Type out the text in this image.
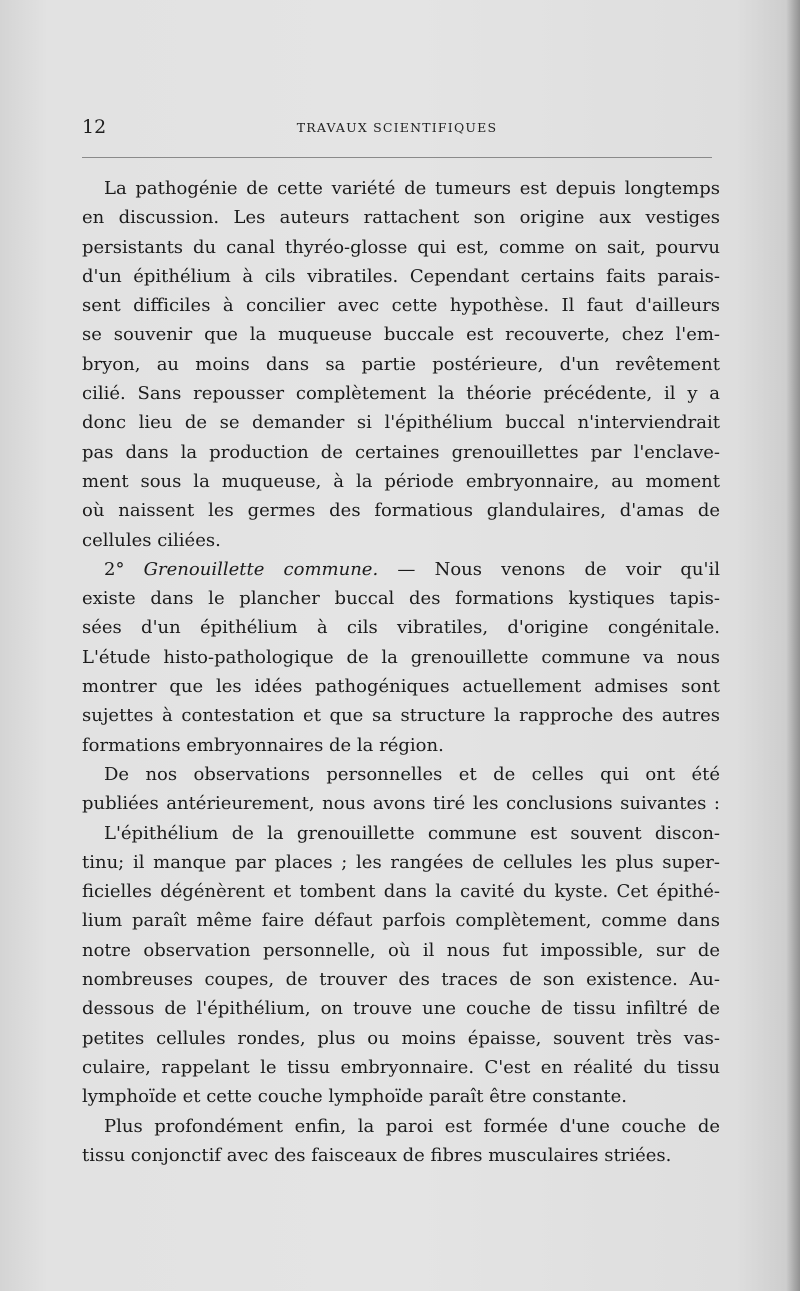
12	TRAVAUX SCIENTIFIQUES
La pathogénie de cette variété de tumeurs est depuis longtemps
en discussion. Les auteurs rattachent son origine aux vestiges
persistants du canal thyréo-glosse qui est, comme on sait, pourvu
d'un épithélium à cils vibratiles. Cependant certains faits parais-
sent difficiles à concilier avec cette hypothèse. Il faut d'ailleurs
se souvenir que la muqueuse buccale est recouverte, chez l'em-
bryon, au moins dans sa partie postérieure, d'un revêtement
cilié. Sans repousser complètement la théorie précédente, il y a
donc lieu de se demander si l'épithélium buccal n'interviendrait
pas dans la production de certaines grenouillettes par l'enclave-
ment sous la muqueuse, à la période embryonnaire, au moment
où naissent les germes des formatious glandulaires, d'amas de
cellules ciliées.
2° Grenouillette commune. — Nous venons de voir qu'il
existe dans le plancher buccal des formations kystiques tapis-
sées d'un épithélium à cils vibratiles, d'origine congénitale.
L'étude histo-pathologique de la grenouillette commune va nous
montrer que les idées pathogéniques actuellement admises sont
sujettes à contestation et que sa structure la rapproche des autres
formations embryonnaires de la région.
De nos observations personnelles et de celles qui ont été
publiées antérieurement, nous avons tiré les conclusions suivantes :
L'épithélium de la grenouillette commune est souvent discon-
tinu; il manque par places ; les rangées de cellules les plus super-
ficielles dégénèrent et tombent dans la cavité du kyste. Cet épithé-
lium paraît même faire défaut parfois complètement, comme dans
notre observation personnelle, où il nous fut impossible, sur de
nombreuses coupes, de trouver des traces de son existence. Au-
dessous de l'épithélium, on trouve une couche de tissu infiltré de
petites cellules rondes, plus ou moins épaisse, souvent très vas-
culaire, rappelant le tissu embryonnaire. C'est en réalité du tissu
lymphoïde et cette couche lymphoïde paraît être constante.
Plus profondément enfin, la paroi est formée d'une couche de
tissu conjonctif avec des faisceaux de fibres musculaires striées.
